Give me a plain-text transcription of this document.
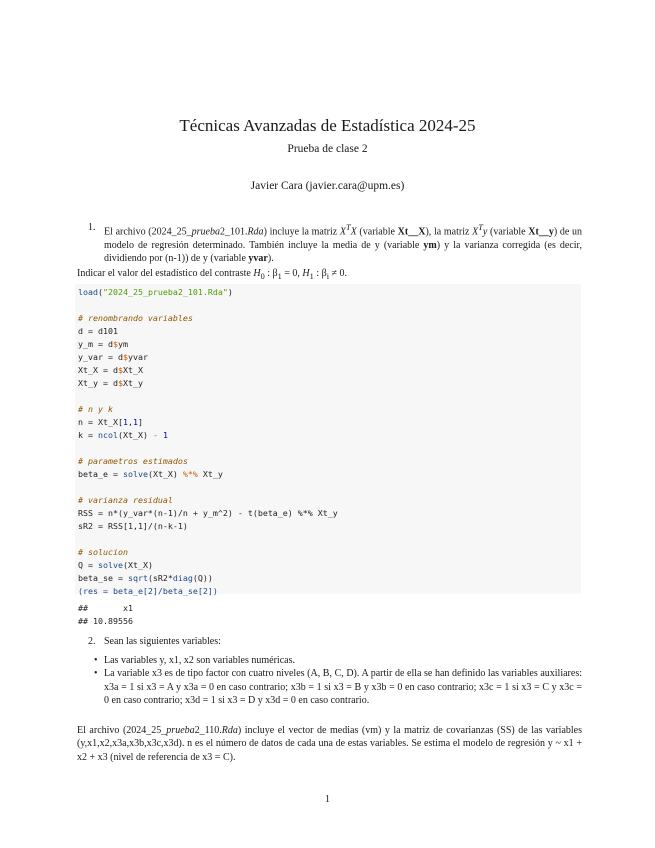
Técnicas Avanzadas de Estadística 2024-25
Prueba de clase 2
Javier Cara (javier.cara@upm.es)
1. El archivo (2024_25_prueba2_101.Rda) incluye la matriz $X^TX$ (variable Xt__X), la matriz $X^Ty$ (variable Xt__y) de un modelo de regresión determinado. También incluye la media de y (variable ym) y la varianza corregida (es decir, dividiendo por (n-1)) de y (variable yvar).
Indicar el valor del estadístico del contraste $H_0$ : $\beta_1 = 0$, $H_1$ : $\beta_i \ne 0$.
load("2024_25_prueba2_101.Rda")

# renombrando variables
d = d101
y_m = d$ym
y_var = d$yvar
Xt_X = d$Xt_X
Xt_y = d$Xt_y

# n y k
n = Xt_X[1,1]
k = ncol(Xt_X) - 1

# parametros estimados
beta_e = solve(Xt_X) %*% Xt_y

# varianza residual
RSS = n*(y_var*(n-1)/n + y_m^2) - t(beta_e) %*% Xt_y
sR2 = RSS[1,1]/(n-k-1)

# solucion
Q = solve(Xt_X)
beta_se = sqrt(sR2*diag(Q))
(res = beta_e[2]/beta_se[2])
##       x1
## 10.89556
2. Sean las siguientes variables:
• Las variables y, x1, x2 son variables numéricas.
• La variable x3 es de tipo factor con cuatro niveles (A, B, C, D). A partir de ella se han definido las variables auxiliares: x3a = 1 si x3 = A y x3a = 0 en caso contrario; x3b = 1 si x3 = B y x3b = 0 en caso contrario; x3c = 1 si x3 = C y x3c = 0 en caso contrario; x3d = 1 si x3 = D y x3d = 0 en caso contrario.
El archivo (2024_25_prueba2_110.Rda) incluye el vector de medias (vm) y la matriz de covarianzas (SS) de las variables (y,x1,x2,x3a,x3b,x3c,x3d). n es el número de datos de cada una de estas variables. Se estima el modelo de regresión y ~ x1 + x2 + x3 (nivel de referencia de x3 = C).
1
